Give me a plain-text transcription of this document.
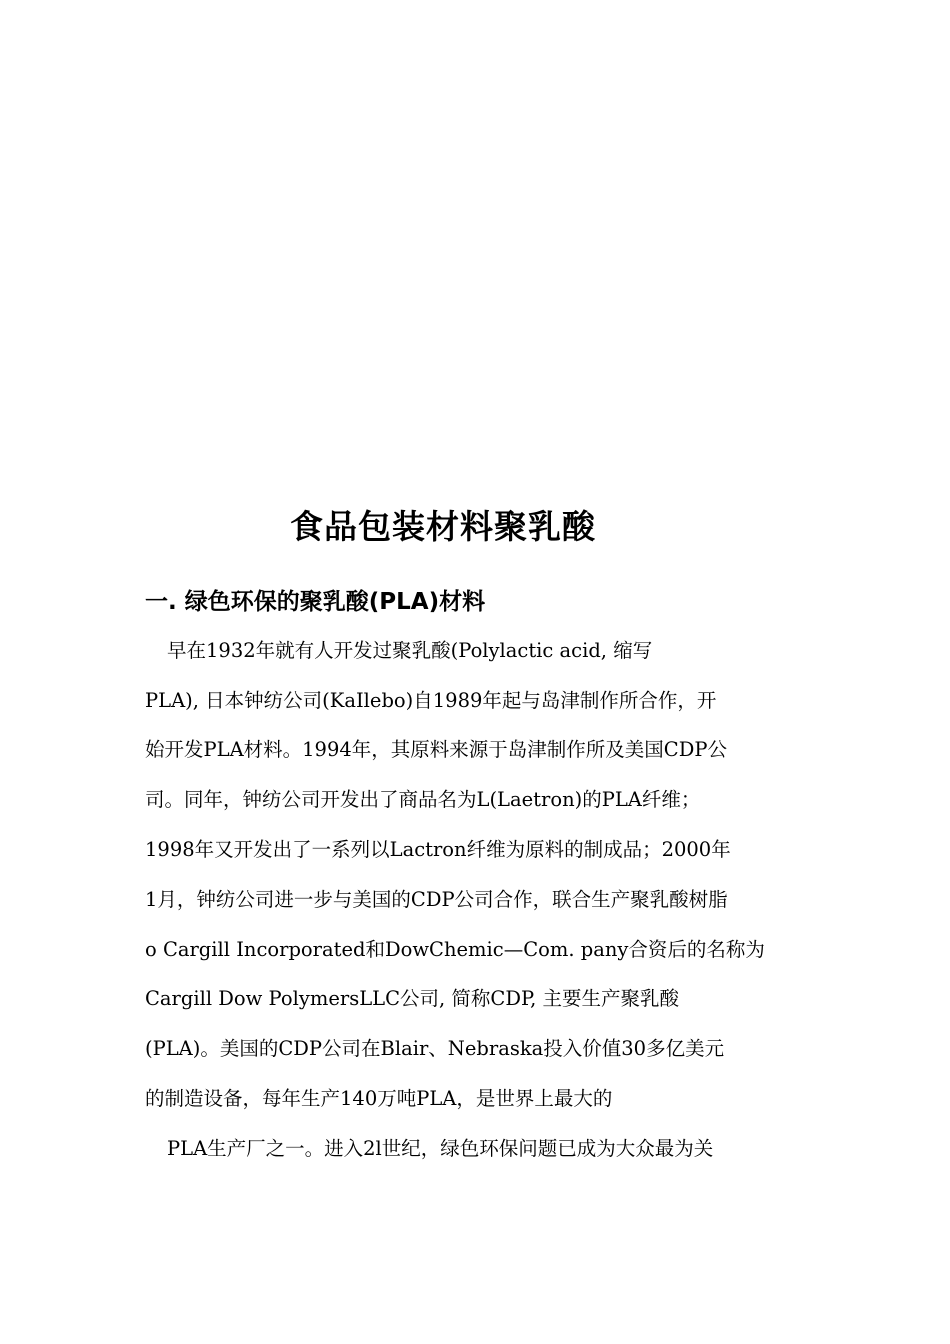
食品包装材料聚乳酸
一. 绿色环保的聚乳酸(PLA)材料

早在1932年就有人开发过聚乳酸(Polylactic acid, 缩写

PLA), 日本钟纺公司(KaIlebo)自1989年起与岛津制作所合作，开

始开发PLA材料。1994年，其原料来源于岛津制作所及美国CDP公

司。同年，钟纺公司开发出了商品名为L(Laetron)的PLA纤维；

1998年又开发出了一系列以Lactron纤维为原料的制成品；2000年

1月，钟纺公司进一步与美国的CDP公司合作，联合生产聚乳酸树脂

o Cargill Incorporated和DowChemic—Com. pany合资后的名称为

Cargill Dow PolymersLLC公司, 简称CDP, 主要生产聚乳酸

(PLA)。美国的CDP公司在Blair、Nebraska投入价值30多亿美元

的制造设备，每年生产140万吨PLA，是世界上最大的

PLA生产厂之一。进入2l世纪，绿色环保问题已成为大众最为关
